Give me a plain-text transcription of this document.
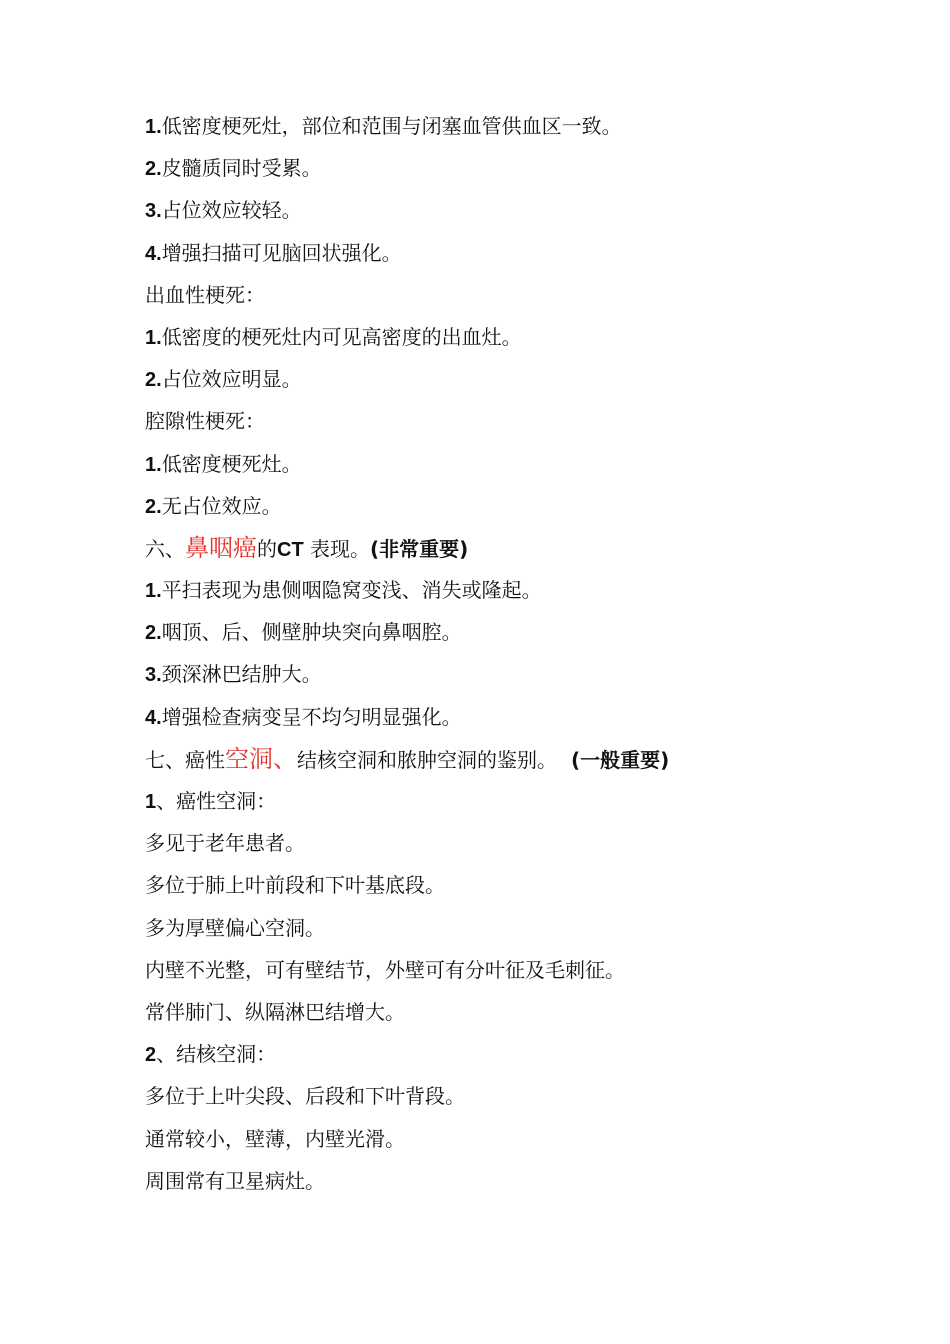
1.低密度梗死灶，部位和范围与闭塞血管供血区一致。
2.皮髓质同时受累。
3.占位效应较轻。
4.增强扫描可见脑回状强化。
出血性梗死：
1.低密度的梗死灶内可见高密度的出血灶。
2.占位效应明显。
腔隙性梗死：
1.低密度梗死灶。
2.无占位效应。
六、鼻咽癌的CT 表现。(非常重要)
1.平扫表现为患侧咽隐窝变浅、消失或隆起。
2.咽顶、后、侧壁肿块突向鼻咽腔。
3.颈深淋巴结肿大。
4.增强检查病变呈不均匀明显强化。
七、癌性空洞、结核空洞和脓肿空洞的鉴别。 (一般重要)
1、癌性空洞：
多见于老年患者。
多位于肺上叶前段和下叶基底段。
多为厚壁偏心空洞。
内壁不光整，可有壁结节，外壁可有分叶征及毛刺征。
常伴肺门、纵隔淋巴结增大。
2、结核空洞：
多位于上叶尖段、后段和下叶背段。
通常较小，壁薄，内壁光滑。
周围常有卫星病灶。
